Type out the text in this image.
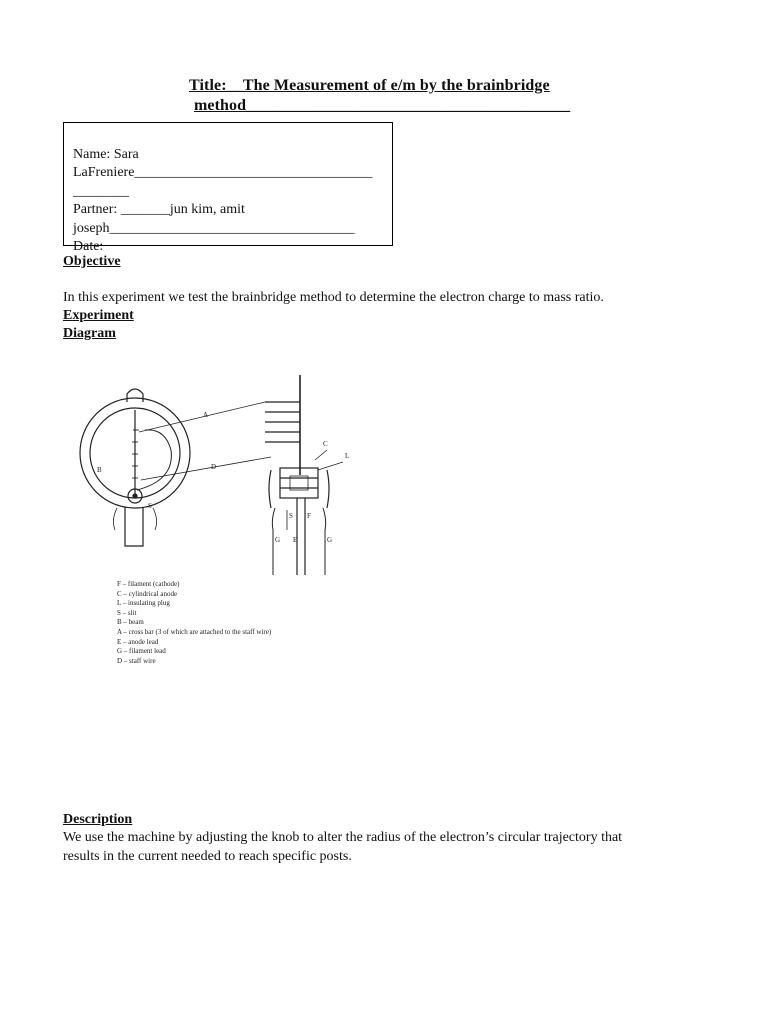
Title:__The Measurement of e/m by the brainbridge
method________________________________________
Name: Sara
LaFreniere__________________________________
________
Partner: _______jun kim, amit
joseph___________________________________
Date:
Objective
In this experiment we test the brainbridge method to determine the electron charge to mass ratio.
Experiment
Diagram
A
B
C
L
D
S
S F
E
G	G
F – filament (cathode)
C – cylindrical anode
L – insulating plug
S – slit
B – beam
A – cross bar (3 of which are attached to the staff wire)
E – anode lead
G – filament lead
D – staff wire
Description
We use the machine by adjusting the knob to alter the radius of the electron’s circular trajectory that
results in the current needed to reach specific posts.
